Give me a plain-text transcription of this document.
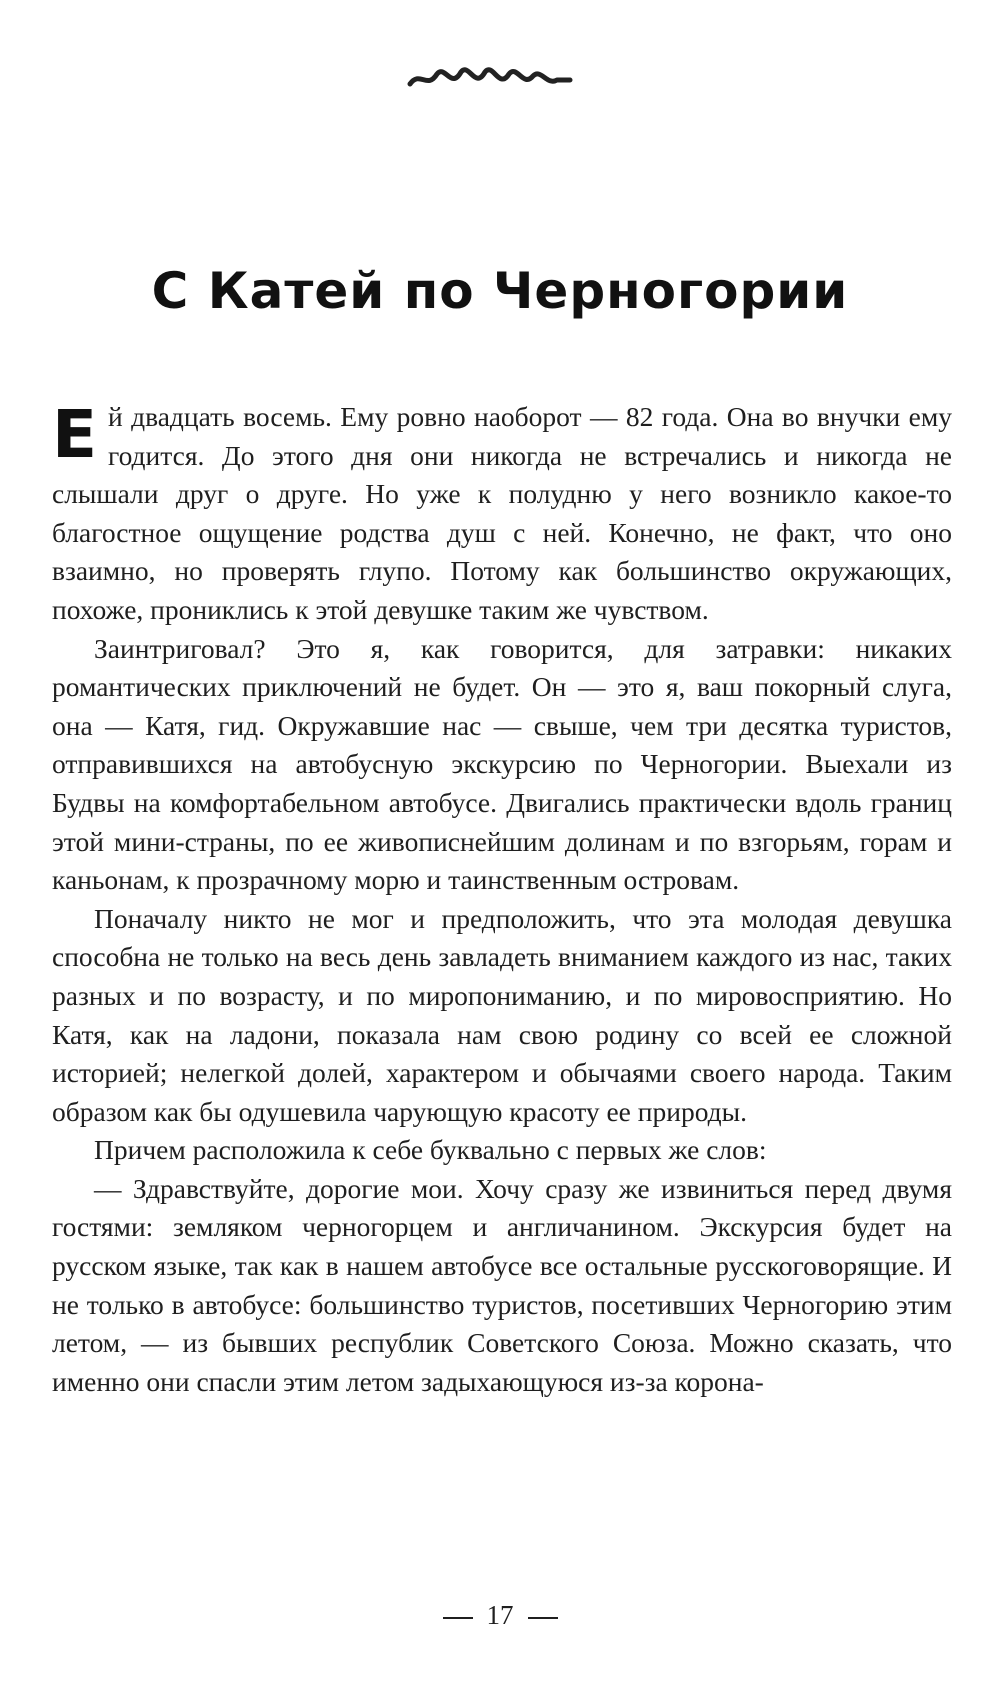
С Катей по Черногории

Ей двадцать восемь. Ему ровно наоборот — 82 года. Она во внучки ему годится. До этого дня они никогда не встречались и никогда не слышали друг о друге. Но уже к полудню у него возникло какое-то благостное ощущение родства душ с ней. Конечно, не факт, что оно взаимно, но проверять глупо. Потому как большинство окружающих, похоже, прониклись к этой девушке таким же чувством.

Заинтриговал? Это я, как говорится, для затравки: никаких романтических приключений не будет. Он — это я, ваш покорный слуга, она — Катя, гид. Окружавшие нас — свыше, чем три десятка туристов, отправившихся на автобусную экскурсию по Черногории. Выехали из Будвы на комфортабельном автобусе. Двигались практически вдоль границ этой мини-страны, по ее живописнейшим долинам и по взгорьям, горам и каньонам, к прозрачному морю и таинственным островам.

Поначалу никто не мог и предположить, что эта молодая девушка способна не только на весь день завладеть вниманием каждого из нас, таких разных и по возрасту, и по миропониманию, и по мировосприятию. Но Катя, как на ладони, показала нам свою родину со всей ее сложной историей; нелегкой долей, характером и обычаями своего народа. Таким образом как бы одушевила чарующую красоту ее природы.

Причем расположила к себе буквально с первых же слов:

— Здравствуйте, дорогие мои. Хочу сразу же извиниться перед двумя гостями: земляком черногорцем и англичанином. Экскурсия будет на русском языке, так как в нашем автобусе все остальные русскоговорящие. И не только в автобусе: большинство туристов, посетивших Черногорию этим летом, — из бывших республик Советского Союза. Можно сказать, что именно они спасли этим летом задыхающуюся из-за корона-

17
